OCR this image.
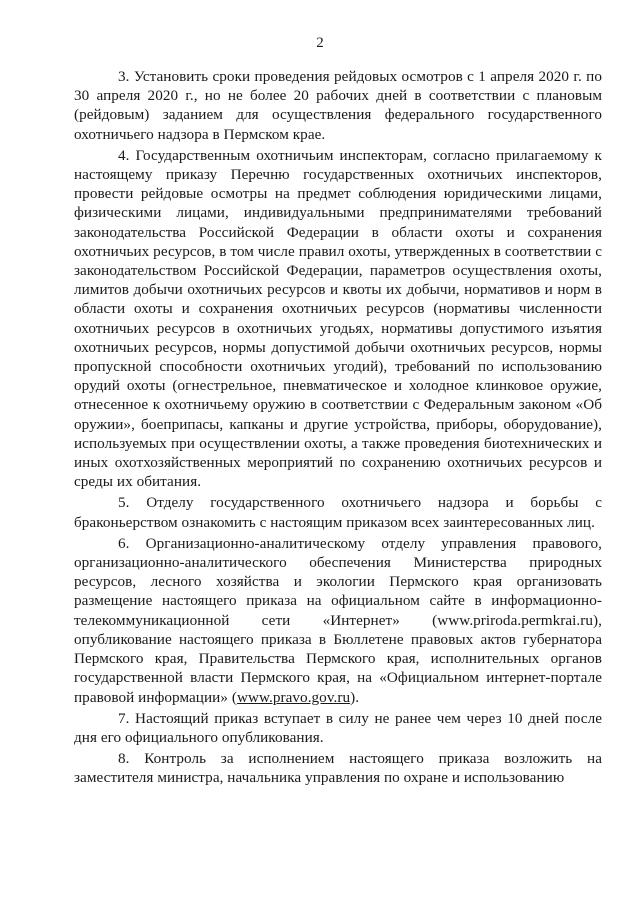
2

3. Установить сроки проведения рейдовых осмотров с 1 апреля 2020 г. по 30 апреля 2020 г., но не более 20 рабочих дней в соответствии с плановым (рейдовым) заданием для осуществления федерального государственного охотничьего надзора в Пермском крае.

4. Государственным охотничьим инспекторам, согласно прилагаемому к настоящему приказу Перечню государственных охотничьих инспекторов, провести рейдовые осмотры на предмет соблюдения юридическими лицами, физическими лицами, индивидуальными предпринимателями требований законодательства Российской Федерации в области охоты и сохранения охотничьих ресурсов, в том числе правил охоты, утвержденных в соответствии с законодательством Российской Федерации, параметров осуществления охоты, лимитов добычи охотничьих ресурсов и квоты их добычи, нормативов и норм в области охоты и сохранения охотничьих ресурсов (нормативы численности охотничьих ресурсов в охотничьих угодьях, нормативы допустимого изъятия охотничьих ресурсов, нормы допустимой добычи охотничьих ресурсов, нормы пропускной способности охотничьих угодий), требований по использованию орудий охоты (огнестрельное, пневматическое и холодное клинковое оружие, отнесенное к охотничьему оружию в соответствии с Федеральным законом «Об оружии», боеприпасы, капканы и другие устройства, приборы, оборудование), используемых при осуществлении охоты, а также проведения биотехнических и иных охотхозяйственных мероприятий по сохранению охотничьих ресурсов и среды их обитания.

5. Отделу государственного охотничьего надзора и борьбы с браконьерством ознакомить с настоящим приказом всех заинтересованных лиц.

6. Организационно-аналитическому отделу управления правового, организационно-аналитического обеспечения Министерства природных ресурсов, лесного хозяйства и экологии Пермского края организовать размещение настоящего приказа на официальном сайте в информационно-телекоммуникационной сети «Интернет» (www.priroda.permkrai.ru), опубликование настоящего приказа в Бюллетене правовых актов губернатора Пермского края, Правительства Пермского края, исполнительных органов государственной власти Пермского края, на «Официальном интернет-портале правовой информации» (www.pravo.gov.ru).

7. Настоящий приказ вступает в силу не ранее чем через 10 дней после дня его официального опубликования.

8. Контроль за исполнением настоящего приказа возложить на заместителя министра, начальника управления по охране и использованию
